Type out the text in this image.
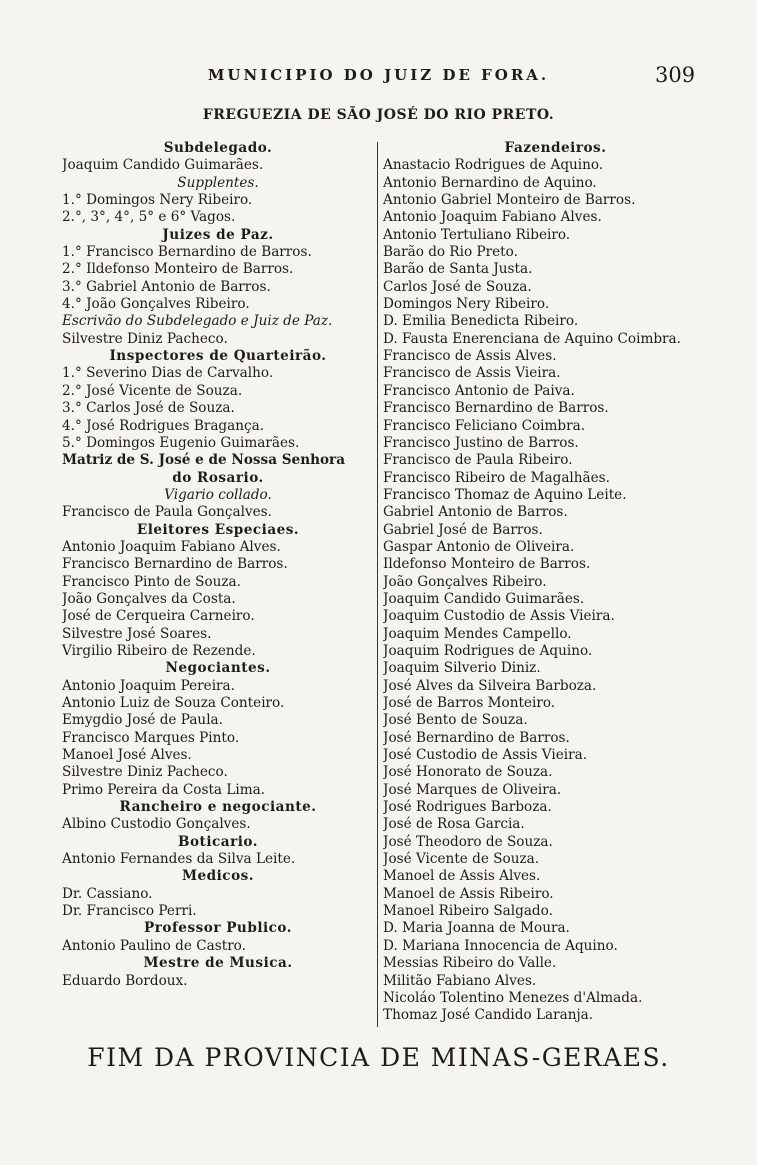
MUNICIPIO DO JUIZ DE FORA.	309
FREGUEZIA DE SÃO JOSÉ DO RIO PRETO.
Subdelegado.
Joaquim Candido Guimarães.
Supplentes.
1.° Domingos Nery Ribeiro.
2.°, 3°, 4°, 5° e 6° Vagos.
Juizes de Paz.
1.° Francisco Bernardino de Barros.
2.° Ildefonso Monteiro de Barros.
3.° Gabriel Antonio de Barros.
4.° João Gonçalves Ribeiro.
Escrivão do Subdelegado e Juiz de Paz.
Silvestre Diniz Pacheco.
Inspectores de Quarteirão.
1.° Severino Dias de Carvalho.
2.° José Vicente de Souza.
3.° Carlos José de Souza.
4.° José Rodrigues Bragança.
5.° Domingos Eugenio Guimarães.
Matriz de S. José e de Nossa Senhora
do Rosario.
Vigario collado.
Francisco de Paula Gonçalves.
Eleitores Especiaes.
Antonio Joaquim Fabiano Alves.
Francisco Bernardino de Barros.
Francisco Pinto de Souza.
João Gonçalves da Costa.
José de Cerqueira Carneiro.
Silvestre José Soares.
Virgilio Ribeiro de Rezende.
Negociantes.
Antonio Joaquim Pereira.
Antonio Luiz de Souza Conteiro.
Emygdio José de Paula.
Francisco Marques Pinto.
Manoel José Alves.
Silvestre Diniz Pacheco.
Primo Pereira da Costa Lima.
Rancheiro e negociante.
Albino Custodio Gonçalves.
Boticario.
Antonio Fernandes da Silva Leite.
Medicos.
Dr. Cassiano.
Dr. Francisco Perri.
Professor Publico.
Antonio Paulino de Castro.
Mestre de Musica.
Eduardo Bordoux.
Fazendeiros.
Anastacio Rodrigues de Aquino.
Antonio Bernardino de Aquino.
Antonio Gabriel Monteiro de Barros.
Antonio Joaquim Fabiano Alves.
Antonio Tertuliano Ribeiro.
Barão do Rio Preto.
Barão de Santa Justa.
Carlos José de Souza.
Domingos Nery Ribeiro.
D. Emilia Benedicta Ribeiro.
D. Fausta Enerenciana de Aquino Coimbra.
Francisco de Assis Alves.
Francisco de Assis Vieira.
Francisco Antonio de Paiva.
Francisco Bernardino de Barros.
Francisco Feliciano Coimbra.
Francisco Justino de Barros.
Francisco de Paula Ribeiro.
Francisco Ribeiro de Magalhães.
Francisco Thomaz de Aquino Leite.
Gabriel Antonio de Barros.
Gabriel José de Barros.
Gaspar Antonio de Oliveira.
Ildefonso Monteiro de Barros.
João Gonçalves Ribeiro.
Joaquim Candido Guimarães.
Joaquim Custodio de Assis Vieira.
Joaquim Mendes Campello.
Joaquim Rodrigues de Aquino.
Joaquim Silverio Diniz.
José Alves da Silveira Barboza.
José de Barros Monteiro.
José Bento de Souza.
José Bernardino de Barros.
José Custodio de Assis Vieira.
José Honorato de Souza.
José Marques de Oliveira.
José Rodrigues Barboza.
José de Rosa Garcia.
José Theodoro de Souza.
José Vicente de Souza.
Manoel de Assis Alves.
Manoel de Assis Ribeiro.
Manoel Ribeiro Salgado.
D. Maria Joanna de Moura.
D. Mariana Innocencia de Aquino.
Messias Ribeiro do Valle.
Militão Fabiano Alves.
Nicoláo Tolentino Menezes d'Almada.
Thomaz José Candido Laranja.
FIM DA PROVINCIA DE MINAS-GERAES.
